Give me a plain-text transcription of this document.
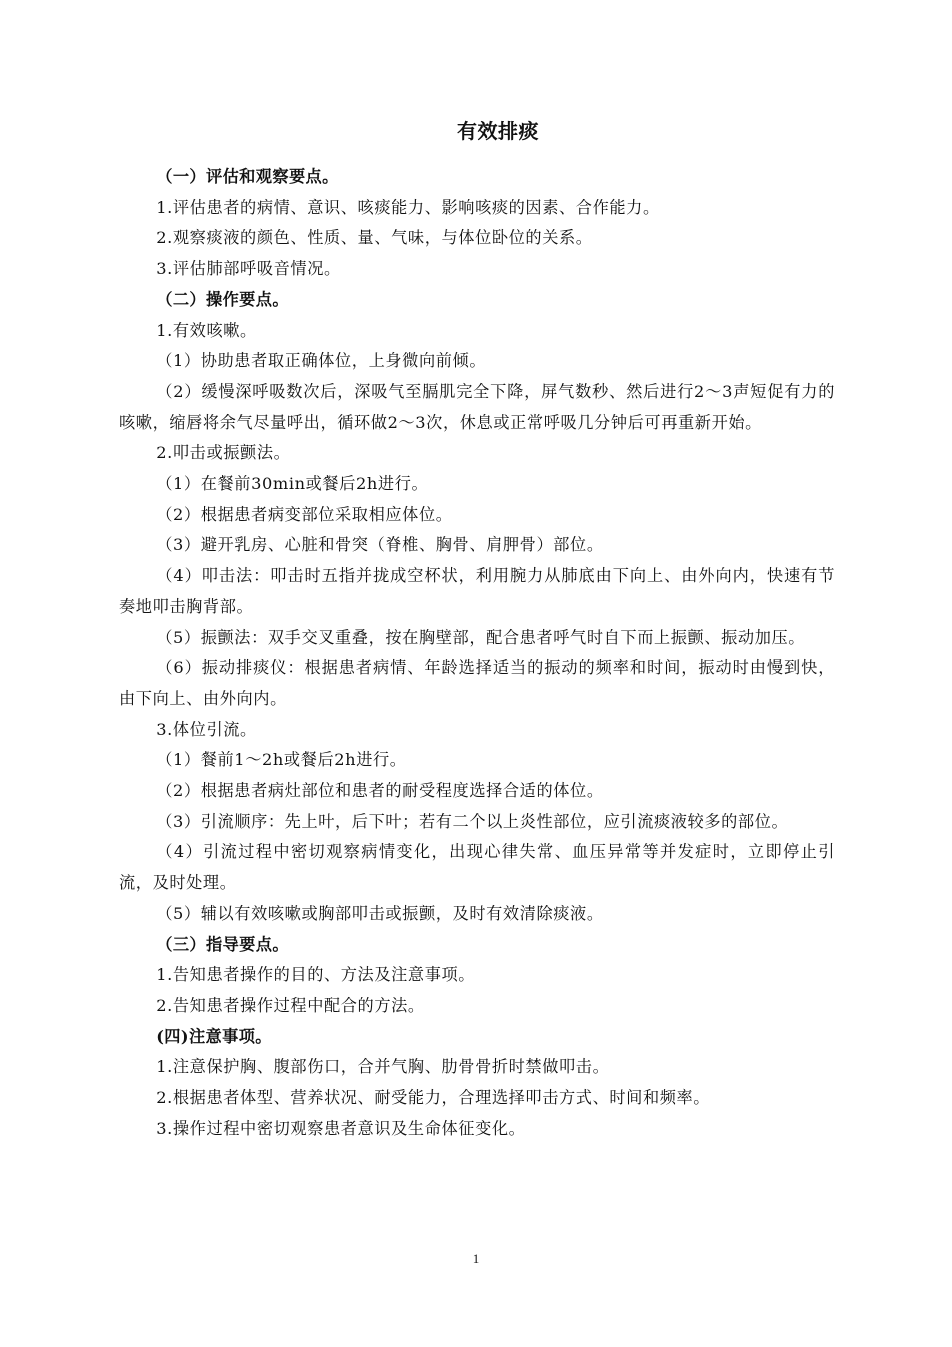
有效排痰

（一）评估和观察要点。

1.评估患者的病情、意识、咳痰能力、影响咳痰的因素、合作能力。

2.观察痰液的颜色、性质、量、气味，与体位卧位的关系。

3.评估肺部呼吸音情况。

（二）操作要点。

1.有效咳嗽。

（1）协助患者取正确体位，上身微向前倾。

（2）缓慢深呼吸数次后，深吸气至膈肌完全下降，屏气数秒、然后进行2～3声短促有力的咳嗽，缩唇将余气尽量呼出，循环做2～3次，休息或正常呼吸几分钟后可再重新开始。

2.叩击或振颤法。

（1）在餐前30min或餐后2h进行。

（2）根据患者病变部位采取相应体位。

（3）避开乳房、心脏和骨突（脊椎、胸骨、肩胛骨）部位。

（4）叩击法：叩击时五指并拢成空杯状，利用腕力从肺底由下向上、由外向内，快速有节奏地叩击胸背部。

（5）振颤法：双手交叉重叠，按在胸壁部，配合患者呼气时自下而上振颤、振动加压。

（6）振动排痰仪：根据患者病情、年龄选择适当的振动的频率和时间，振动时由慢到快，由下向上、由外向内。

3.体位引流。

（1）餐前1～2h或餐后2h进行。

（2）根据患者病灶部位和患者的耐受程度选择合适的体位。

（3）引流顺序：先上叶，后下叶；若有二个以上炎性部位，应引流痰液较多的部位。

（4）引流过程中密切观察病情变化，出现心律失常、血压异常等并发症时，立即停止引流，及时处理。

（5）辅以有效咳嗽或胸部叩击或振颤，及时有效清除痰液。

（三）指导要点。

1.告知患者操作的目的、方法及注意事项。

2.告知患者操作过程中配合的方法。

(四)注意事项。

1.注意保护胸、腹部伤口，合并气胸、肋骨骨折时禁做叩击。

2.根据患者体型、营养状况、耐受能力，合理选择叩击方式、时间和频率。

3.操作过程中密切观察患者意识及生命体征变化。

1
